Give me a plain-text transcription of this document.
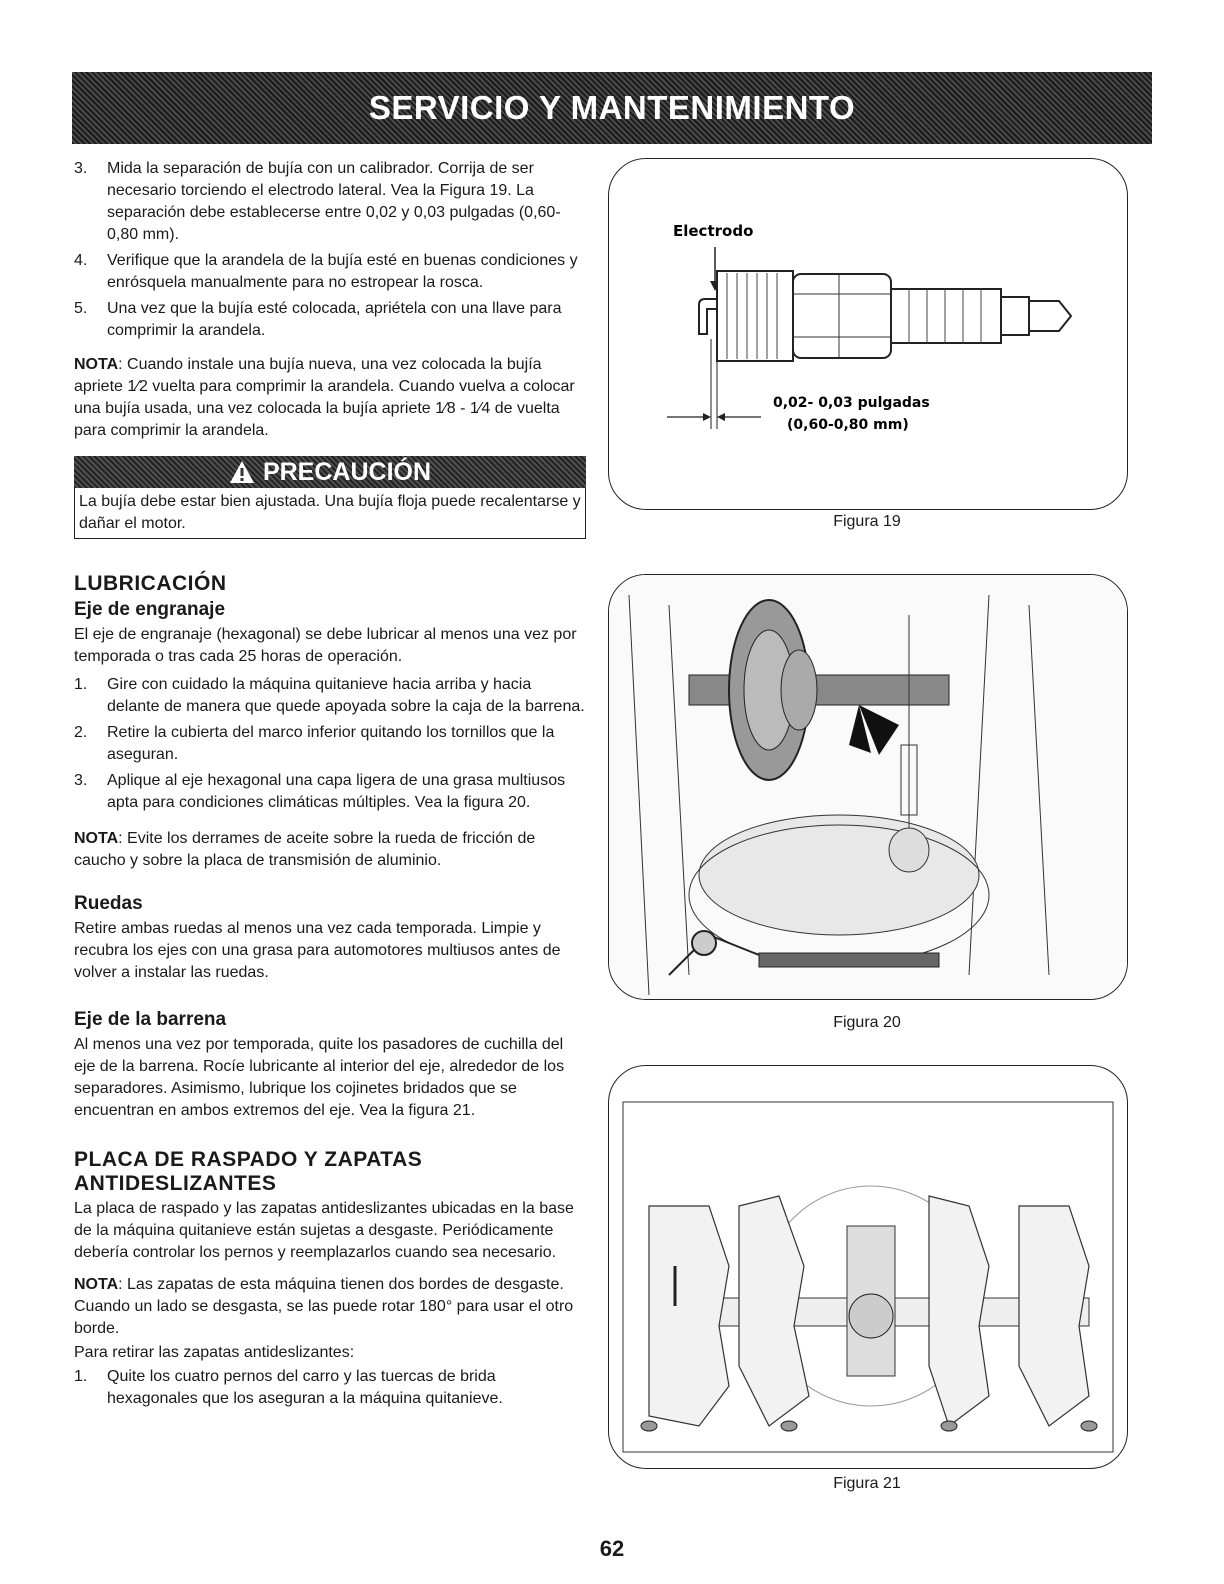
SERVICIO Y MANTENIMIENTO
3. Mida la separación de bujía con un calibrador. Corrija de ser necesario torciendo el electrodo lateral. Vea la Figura 19. La separación debe establecerse entre 0,02 y 0,03 pulgadas (0,60-0,80 mm).
4. Verifique que la arandela de la bujía esté en buenas condiciones y enrósquela manualmente para no estropear la rosca.
5. Una vez que la bujía esté colocada, apriétela con una llave para comprimir la arandela.

NOTA: Cuando instale una bujía nueva, una vez colocada la bujía apriete 1⁄2 vuelta para comprimir la arandela. Cuando vuelva a colocar una bujía usada, una vez colocada la bujía apriete 1⁄8 - 1⁄4 de vuelta para comprimir la arandela.

PRECAUCIÓN
La bujía debe estar bien ajustada. Una bujía floja puede recalentarse y dañar el motor.
LUBRICACIÓN
Eje de engranaje

El eje de engranaje (hexagonal) se debe lubricar al menos una vez por temporada o tras cada 25 horas de operación.

1. Gire con cuidado la máquina quitanieve hacia arriba y hacia delante de manera que quede apoyada sobre la caja de la barrena.
2. Retire la cubierta del marco inferior quitando los tornillos que la aseguran.
3. Aplique al eje hexagonal una capa ligera de una grasa multiusos apta para condiciones climáticas múltiples. Vea la figura 20.

NOTA: Evite los derrames de aceite sobre la rueda de fricción de caucho y sobre la placa de transmisión de aluminio.

Ruedas

Retire ambas ruedas al menos una vez cada temporada. Limpie y recubra los ejes con una grasa para automotores multiusos antes de volver a instalar las ruedas.

Eje de la barrena

Al menos una vez por temporada, quite los pasadores de cuchilla del eje de la barrena. Rocíe lubricante al interior del eje, alrededor de los separadores. Asimismo, lubrique los cojinetes bridados que se encuentran en ambos extremos del eje. Vea la figura 21.

PLACA DE RASPADO Y ZAPATAS ANTIDESLIZANTES

La placa de raspado y las zapatas antideslizantes ubicadas en la base de la máquina quitanieve están sujetas a desgaste. Periódicamente debería controlar los pernos y reemplazarlos cuando sea necesario.

NOTA: Las zapatas de esta máquina tienen dos bordes de desgaste. Cuando un lado se desgasta, se las puede rotar 180° para usar el otro borde.

Para retirar las zapatas antideslizantes:

1. Quite los cuatro pernos del carro y las tuercas de brida hexagonales que los aseguran a la máquina quitanieve.
Electrodo
0,02- 0,03 pulgadas
(0,60-0,80 mm)
Figura 19
Figura 20
Figura 21
62
